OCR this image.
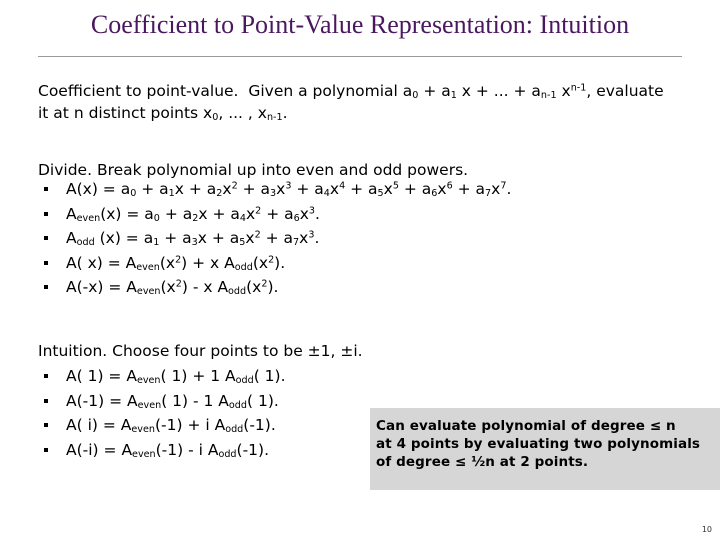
Coefficient to Point-Value Representation: Intuition
Coefficient to point-value. Given a polynomial $a_0 + a_1$ x + ... + $a_{n-1}$ $x^{n-1}$, evaluate
it at n distinct points $x_0$, ... , $x_{n-1}$.
Divide. Break polynomial up into even and odd powers.
$A(x) = a_0 + a_1x + a_2x^2 + a_3x^3 + a_4x^4 + a_5x^5 + a_6x^6 + a_7x^7$.
$A_{even}(x) = a_0 + a_2x + a_4x^2 + a_6x^3$.
$A_{odd}$ $(x) = a_1 + a_3x + a_5x^2 + a_7x^3$.
A( $x) = A_{even}(x^2) + x$ $A_{odd}(x^2)$.
$A(-x) = A_{even}(x^2) - x$ $A_{odd}(x^2)$.
Intuition. Choose four points to be ±1, ±i.
A( $1) = A_{even}$( 1) + 1 $A_{odd}$( 1).
$A(-1) = A_{even}$( 1) - 1 $A_{odd}$( 1).
A( $i) = A_{even}(-1) + i$ $A_{odd}(-1)$.
$A(-i) = A_{even}(-1) - i$ $A_{odd}(-1)$.
Can evaluate polynomial of degree ≤ n
at 4 points by evaluating two polynomials
of degree ≤ ½n at 2 points.
10
